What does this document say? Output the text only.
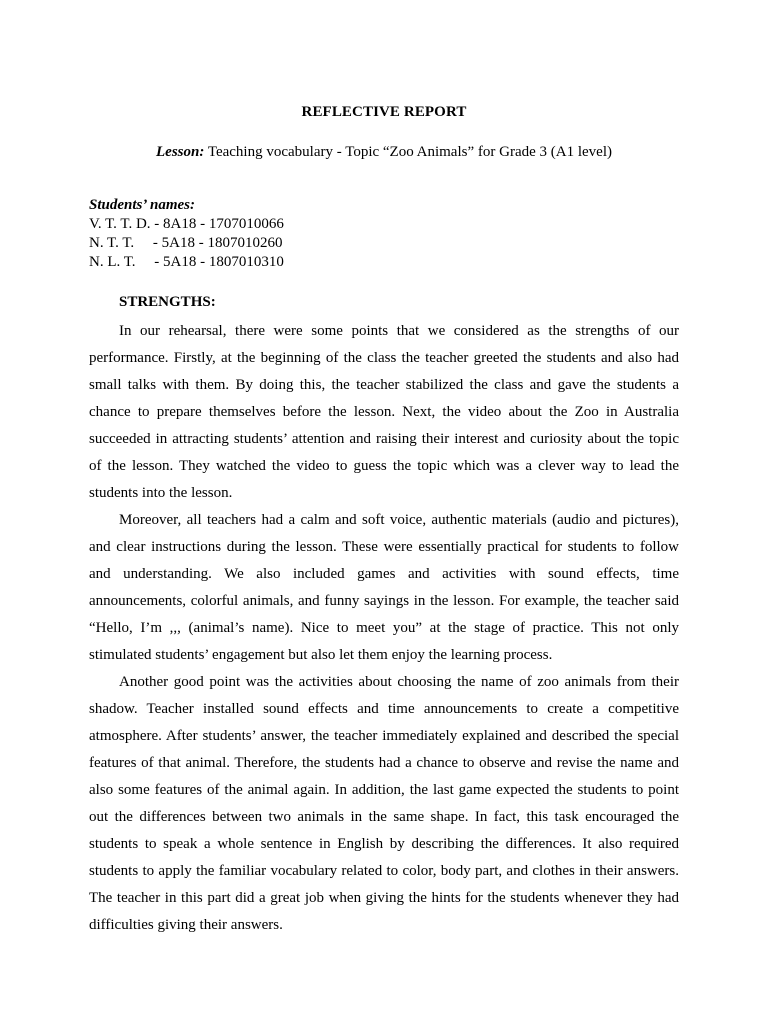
REFLECTIVE REPORT
Lesson: Teaching vocabulary - Topic “Zoo Animals” for Grade 3 (A1 level)
Students’ names:
V. T. T. D. - 8A18 - 1707010066
N. T. T.     - 5A18 - 1807010260
N. L. T.     - 5A18 - 1807010310
STRENGTHS:

In our rehearsal, there were some points that we considered as the strengths of our performance. Firstly, at the beginning of the class the teacher greeted the students and also had small talks with them. By doing this, the teacher stabilized the class and gave the students a chance to prepare themselves before the lesson. Next, the video about the Zoo in Australia succeeded in attracting students’ attention and raising their interest and curiosity about the topic of the lesson. They watched the video to guess the topic which was a clever way to lead the students into the lesson.

Moreover, all teachers had a calm and soft voice, authentic materials (audio and pictures), and clear instructions during the lesson. These were essentially practical for students to follow and understanding. We also included games and activities with sound effects, time announcements, colorful animals, and funny sayings in the lesson. For example, the teacher said “Hello, I’m ,,, (animal’s name). Nice to meet you” at the stage of practice. This not only stimulated students’ engagement but also let them enjoy the learning process.

Another good point was the activities about choosing the name of zoo animals from their shadow. Teacher installed sound effects and time announcements to create a competitive atmosphere. After students’ answer, the teacher immediately explained and described the special features of that animal. Therefore, the students had a chance to observe and revise the name and also some features of the animal again. In addition, the last game expected the students to point out the differences between two animals in the same shape. In fact, this task encouraged the students to speak a whole sentence in English by describing the differences. It also required students to apply the familiar vocabulary related to color, body part, and clothes in their answers. The teacher in this part did a great job when giving the hints for the students whenever they had difficulties giving their answers.
